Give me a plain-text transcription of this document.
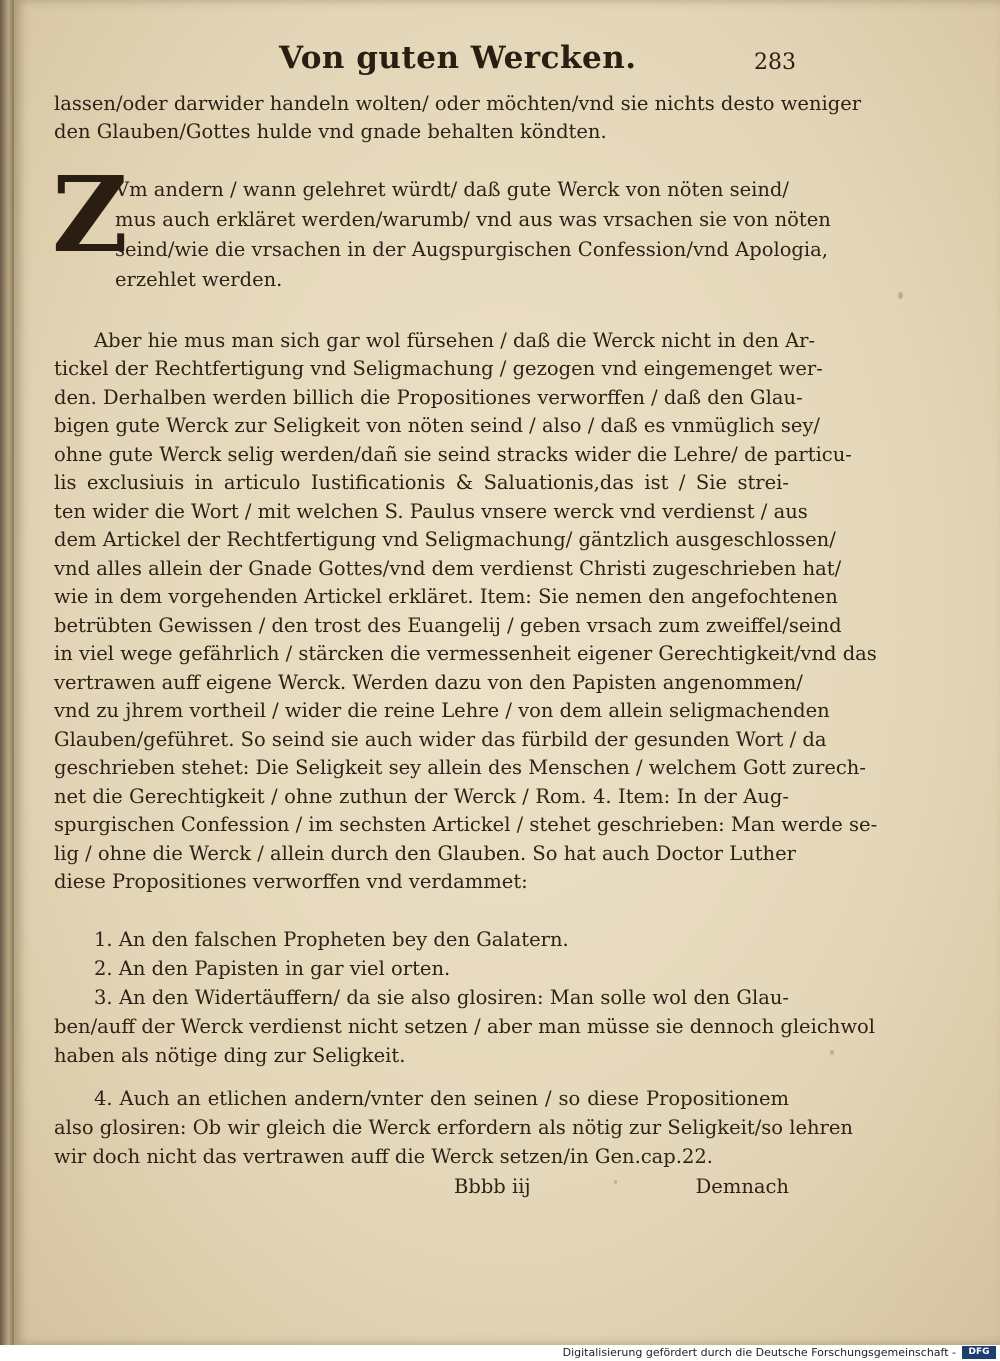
Von guten Wercken.	283
lassen/oder darwider handeln wolten/ oder möchten/vnd sie nichts desto weniger
den Glauben/Gottes hulde vnd gnade behalten köndten.
Z
Vm andern / wann gelehret würdt/ daß gute Werck von nöten seind/
mus auch erkläret werden/warumb/ vnd aus was vrsachen sie von nöten
seind/wie die vrsachen in der Augspurgischen Confession/vnd Apologia,
erzehlet werden.
Aber hie mus man sich gar wol fürsehen / daß die Werck nicht in den Ar-
tickel der Rechtfertigung vnd Seligmachung / gezogen vnd eingemenget wer-
den. Derhalben werden billich die Propositiones verworffen / daß den Glau-
bigen gute Werck zur Seligkeit von nöten seind / also / daß es vnmüglich sey/
ohne gute Werck selig werden/dañ sie seind stracks wider die Lehre/ de particu-
lis exclusiuis in articulo Iustificationis & Saluationis,das ist / Sie strei-
ten wider die Wort / mit welchen S. Paulus vnsere werck vnd verdienst / aus
dem Artickel der Rechtfertigung vnd Seligmachung/ gäntzlich ausgeschlossen/
vnd alles allein der Gnade Gottes/vnd dem verdienst Christi zugeschrieben hat/
wie in dem vorgehenden Artickel erkläret. Item: Sie nemen den angefochtenen
betrübten Gewissen / den trost des Euangelij / geben vrsach zum zweiffel/seind
in viel wege gefährlich / stärcken die vermessenheit eigener Gerechtigkeit/vnd das
vertrawen auff eigene Werck. Werden dazu von den Papisten angenommen/
vnd zu jhrem vortheil / wider die reine Lehre / von dem allein seligmachenden
Glauben/geführet. So seind sie auch wider das fürbild der gesunden Wort / da
geschrieben stehet: Die Seligkeit sey allein des Menschen / welchem Gott zurech-
net die Gerechtigkeit / ohne zuthun der Werck / Rom. 4. Item: In der Aug-
spurgischen Confession / im sechsten Artickel / stehet geschrieben: Man werde se-
lig / ohne die Werck / allein durch den Glauben. So hat auch Doctor Luther
diese Propositiones verworffen vnd verdammet:
1. An den falschen Propheten bey den Galatern.
2. An den Papisten in gar viel orten.
3. An den Widertäuffern/ da sie also glosiren: Man solle wol den Glau-
ben/auff der Werck verdienst nicht setzen / aber man müsse sie dennoch gleichwol
haben als nötige ding zur Seligkeit.
4. Auch an etlichen andern/vnter den seinen / so diese Propositionem
also glosiren: Ob wir gleich die Werck erfordern als nötig zur Seligkeit/so lehren
wir doch nicht das vertrawen auff die Werck setzen/in Gen.cap.22.
Bbbb iij	Demnach
Digitalisierung gefördert durch die Deutsche Forschungsgemeinschaft -	DFG
